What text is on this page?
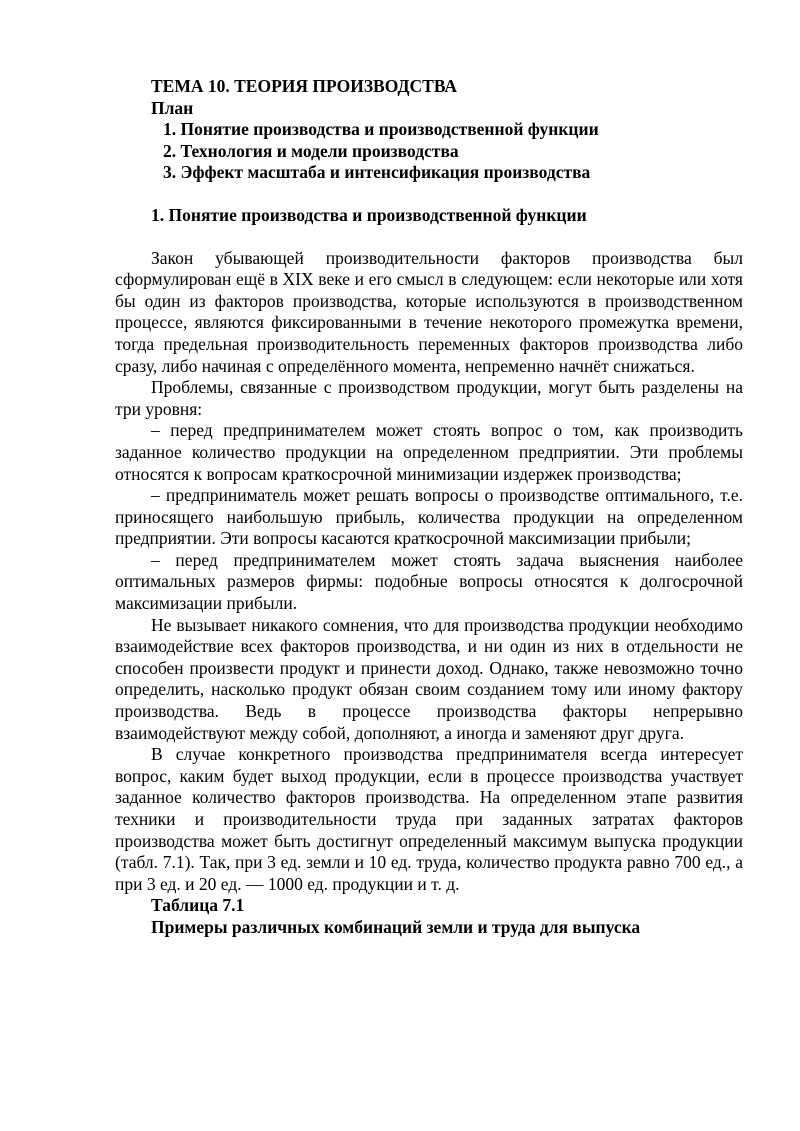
ТЕМА 10. ТЕОРИЯ ПРОИЗВОДСТВА
План
1. Понятие производства и производственной функции
2. Технология и модели производства
3. Эффект масштаба и интенсификация производства
1. Понятие производства и производственной функции

Закон убывающей производительности факторов производства был сформулирован ещё в XIX веке и его смысл в следующем: если некоторые или хотя бы один из факторов производства, которые используются в производственном процессе, являются фиксированными в течение некоторого промежутка времени, тогда предельная производительность переменных факторов производства либо сразу, либо начиная с определённого момента, непременно начнёт снижаться.

Проблемы, связанные с производством продукции, могут быть разделены на три уровня:

– перед предпринимателем может стоять вопрос о том, как производить заданное количество продукции на определенном предприятии. Эти проблемы относятся к вопросам краткосрочной минимизации издержек производства;

– предприниматель может решать вопросы о производстве оптимального, т.е. приносящего наибольшую прибыль, количества продукции на определенном предприятии. Эти вопросы касаются краткосрочной максимизации прибыли;

– перед предпринимателем может стоять задача выяснения наиболее оптимальных размеров фирмы: подобные вопросы относятся к долгосрочной максимизации прибыли.

Не вызывает никакого сомнения, что для производства продукции необходимо взаимодействие всех факторов производства, и ни один из них в отдельности не способен произвести продукт и принести доход. Однако, также невозможно точно определить, насколько продукт обязан своим созданием тому или иному фактору производства. Ведь в процессе производства факторы непрерывно взаимодействуют между собой, дополняют, а иногда и заменяют друг друга.

В случае конкретного производства предпринимателя всегда интересует вопрос, каким будет выход продукции, если в процессе производства участвует заданное количество факторов производства. На определенном этапе развития техники и производительности труда при заданных затратах факторов производства может быть достигнут определенный максимум выпуска продукции (табл. 7.1). Так, при 3 ед. земли и 10 ед. труда, количество продукта равно 700 ед., а при 3 ед. и 20 ед. — 1000 ед. продукции и т. д.

Таблица 7.1
Примеры различных комбинаций земли и труда для выпуска
